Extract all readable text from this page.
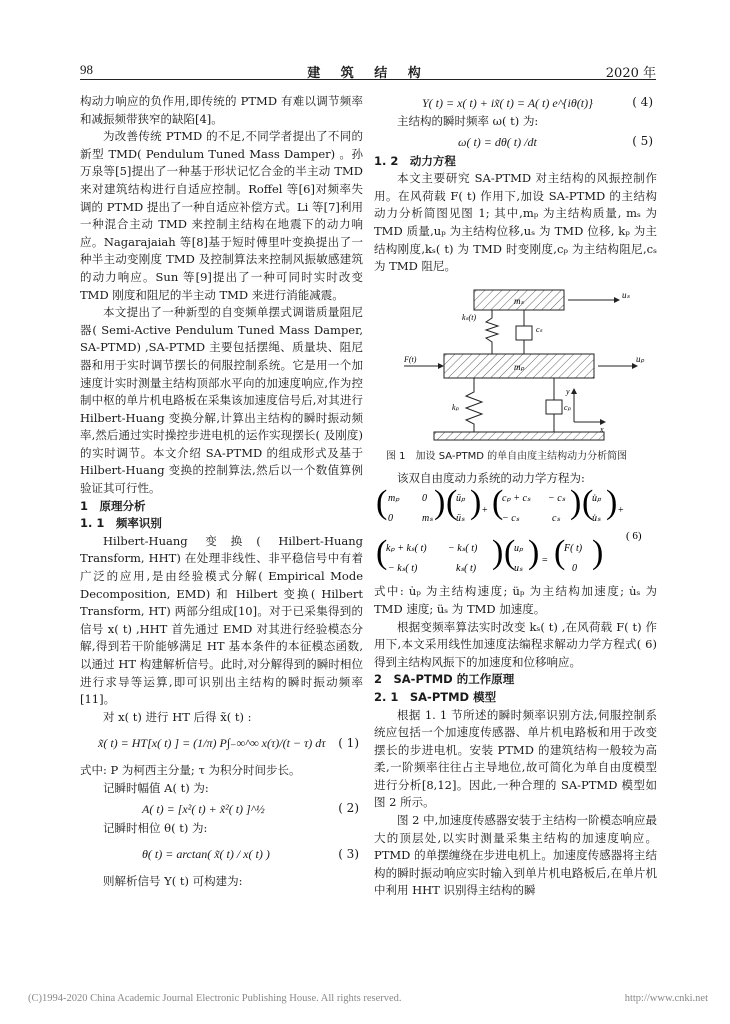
98	建 筑 结 构	2020 年

构动力响应的负作用,即传统的 PTMD 有难以调节频率和减振频带狭窄的缺陷[4]。

为改善传统 PTMD 的不足,不同学者提出了不同的新型 TMD( Pendulum Tuned Mass Damper) 。孙万泉等[5]提出了一种基于形状记忆合金的半主动 TMD 来对建筑结构进行自适应控制。Roffel 等[6]对频率失调的 PTMD 提出了一种自适应补偿方式。Li 等[7]利用一种混合主动 TMD 来控制主结构在地震下的动力响应。Nagarajaiah 等[8]基于短时傅里叶变换提出了一种半主动变刚度 TMD 及控制算法来控制风振敏感建筑的动力响应。Sun 等[9]提出了一种可同时实时改变 TMD 刚度和阻尼的半主动 TMD 来进行消能减震。

本文提出了一种新型的自变频单摆式调谐质量阻尼器( Semi-Active Pendulum Tuned Mass Damper, SA-PTMD) ,SA-PTMD 主要包括摆绳、质量块、阻尼器和用于实时调节摆长的伺服控制系统。它是用一个加速度计实时测量主结构顶部水平向的加速度响应,作为控制中枢的单片机电路板在采集该加速度信号后,对其进行 Hilbert-Huang 变换分解,计算出主结构的瞬时振动频率,然后通过实时操控步进电机的运作实现摆长( 及刚度) 的实时调节。本文介绍 SA-PTMD 的组成形式及基于 Hilbert-Huang 变换的控制算法,然后以一个数值算例验证其可行性。

1　原理分析

1. 1　频率识别

Hilbert-Huang 变换( Hilbert-Huang Transform, HHT) 在处理非线性、非平稳信号中有着广泛的应用,是由经验模式分解( Empirical Mode Decomposition, EMD) 和 Hilbert 变换( Hilbert Transform, HT) 两部分组成[10]。对于已采集得到的信号 x( t) ,HHT 首先通过 EMD 对其进行经验模态分解,得到若干阶能够满足 HT 基本条件的本征模态函数,以通过 HT 构建解析信号。此时,对分解得到的瞬时相位进行求导等运算,即可识别出主结构的瞬时振动频率[11]。

对 x( t) 进行 HT 后得 x̃( t) :

x̃( t) = HT[x( t) ] = (1/π) P∫₋∞^∞ x(τ)/(t − τ) dτ ( 1)

式中: P 为柯西主分量; τ 为积分时间步长。

记瞬时幅值 A( t) 为:

A( t) = [x²( t) + x̃²( t) ]^½	( 2)

记瞬时相位 θ( t) 为:

θ( t) = arctan( x̃( t) / x( t) )	( 3)

则解析信号 Y( t) 可构建为:

Y( t) = x( t) + ix̃( t) = A( t) e^{iθ(t)}	( 4)

主结构的瞬时频率 ω( t) 为:

ω( t) = dθ( t) /dt	( 5)

1. 2　动力方程

本文主要研究 SA-PTMD 对主结构的风振控制作用。在风荷载 F( t) 作用下,加设 SA-PTMD 的主结构动力分析简图见图 1; 其中,mₚ 为主结构质量, mₛ 为 TMD 质量,uₚ 为主结构位移,uₛ 为 TMD 位移, kₚ 为主结构刚度,kₛ( t) 为 TMD 时变刚度,cₚ 为主结构阻尼,cₛ 为 TMD 阻尼。

mₛ
mₚ
uₛ
uₚ
kₛ(t)
cₛ
kₚ	cₚ
F(t)
y
x

图 1　加设 SA-PTMD 的单自由度主结构动力分析简图

该双自由度动力系统的动力学方程为:

( mₚ 0
0	mₛ ) (
üₚ
üₛ ) + (
cₚ + cₛ − cₛ
− cₛ	cₛ ) (
u̇ₚ
u̇ₛ ) +
(
kₚ + kₛ( t) − kₛ( t)
− kₛ( t)	kₛ( t) ) (
uₚ
uₛ ) = (
F( t)
0 ) ( 6)

式中: u̇ₚ 为主结构速度; üₚ 为主结构加速度; u̇ₛ 为 TMD 速度; üₛ 为 TMD 加速度。

根据变频率算法实时改变 kₛ( t) ,在风荷载 F( t) 作用下,本文采用线性加速度法编程求解动力学方程式( 6) 得到主结构风振下的加速度和位移响应。

2　SA-PTMD 的工作原理

2. 1　SA-PTMD 模型

根据 1. 1 节所述的瞬时频率识别方法,伺服控制系统应包括一个加速度传感器、单片机电路板和用于改变摆长的步进电机。安装 PTMD 的建筑结构一般较为高柔,一阶频率往往占主导地位,故可简化为单自由度模型进行分析[8,12]。因此,一种合理的 SA-PTMD 模型如图 2 所示。

图 2 中,加速度传感器安装于主结构一阶模态响应最大的顶层处,以实时测量采集主结构的加速度响应。PTMD 的单摆缠绕在步进电机上。加速度传感器将主结构的瞬时振动响应实时输入到单片机电路板后,在单片机中利用 HHT 识别得主结构的瞬

(C)1994-2020 China Academic Journal Electronic Publishing House. All rights reserved.	http://www.cnki.net
